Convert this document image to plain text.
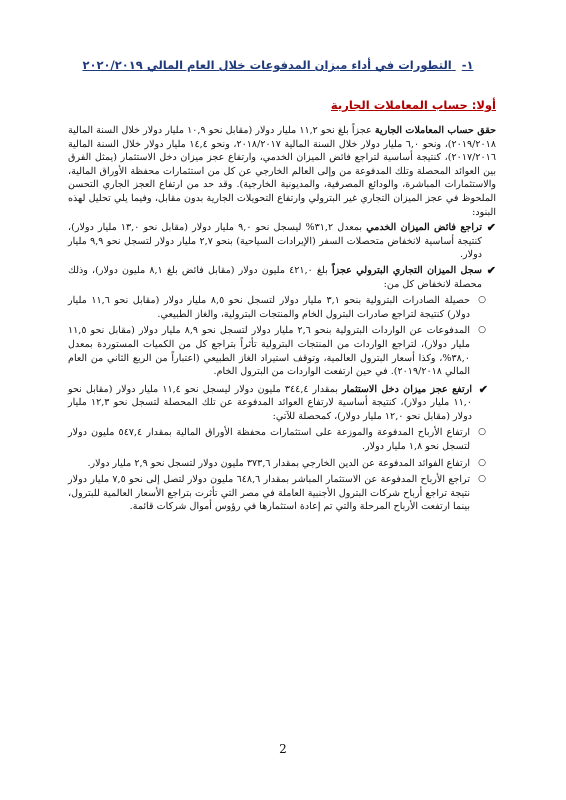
١- التطورات في أداء ميزان المدفوعات خلال العام المالي ٢٠٢٠/٢٠١٩
أولا: حساب المعاملات الجارية

حقق حساب المعاملات الجارية عجزاً بلغ نحو ١١,٢ مليار دولار (مقابل نحو ١٠,٩ مليار دولار خلال السنة المالية ٢٠١٩/٢٠١٨)، ونحو ٦,٠ مليار دولار خلال السنة المالية ٢٠١٨/٢٠١٧، ونحو ١٤,٤ مليار دولار خلال السنة المالية ٢٠١٧/٢٠١٦)، كنتيجة أساسية لتراجع فائض الميزان الخدمي، وارتفاع عجز ميزان دخل الاستثمار (يمثل الفرق بين العوائد المحصلة وتلك المدفوعة من وإلى العالم الخارجي عن كل من استثمارات محفظة الأوراق المالية، والاستثمارات المباشرة، والودائع المصرفية، والمديونية الخارجية). وقد حد من ارتفاع العجز الجاري التحسن الملحوظ في عجز الميزان التجاري غير البترولي وارتفاع التحويلات الجارية بدون مقابل، وفيما يلي تحليل لهذه البنود:

✔
تراجع فائض الميزان الخدمي بمعدل ٣١,٢% ليسجل نحو ٩,٠ مليار دولار (مقابل نحو ١٣,٠ مليار دولار)، كنتيجة أساسية لانخفاض متحصلات السفر (الإيرادات السياحية) بنحو ٢,٧ مليار دولار لتسجل نحو ٩,٩ مليار دولار.

✔
سجل الميزان التجاري البترولي عجزاً بلغ ٤٢١,٠ مليون دولار (مقابل فائض بلغ ٨,١ مليون دولار)، وذلك محصلة لانخفاض كل من:

○
حصيلة الصادرات البترولية بنحو ٣,١ مليار دولار لتسجل نحو ٨,٥ مليار دولار (مقابل نحو ١١,٦ مليار دولار) كنتيجة لتراجع صادرات البترول الخام والمنتجات البترولية، والغاز الطبيعي.

○
المدفوعات عن الواردات البترولية بنحو ٢,٦ مليار دولار لتسجل نحو ٨,٩ مليار دولار (مقابل نحو ١١,٥ مليار دولار)، لتراجع الواردات من المنتجات البترولية تأثراً بتراجع كل من الكميات المستوردة بمعدل ٣٨,٠%، وكذا أسعار البترول العالمية، وتوقف استيراد الغاز الطبيعي (اعتباراً من الربع الثاني من العام المالي ٢٠١٩/٢٠١٨). في حين ارتفعت الواردات من البترول الخام.

✔
ارتفع عجز ميزان دخل الاستثمار بمقدار ٣٤٤,٤ مليون دولار ليسجل نحو ١١,٤ مليار دولار (مقابل نحو ١١,٠ مليار دولار)، كنتيجة أساسية لارتفاع العوائد المدفوعة عن تلك المحصلة لتسجل نحو ١٢,٣ مليار دولار (مقابل نحو ١٢,٠ مليار دولار)، كمحصلة للآتي:

○
ارتفاع الأرباح المدفوعة والموزعة على استثمارات محفظة الأوراق المالية بمقدار ٥٤٧,٤ مليون دولار لتسجل نحو ١,٨ مليار دولار.

○
ارتفاع الفوائد المدفوعة عن الدين الخارجي بمقدار ٣٧٣,٦ مليون دولار لتسجل نحو ٢,٩ مليار دولار.

○
تراجع الأرباح المدفوعة عن الاستثمار المباشر بمقدار ٦٤٨,٦ مليون دولار لتصل إلى نحو ٧,٥ مليار دولار نتيجة تراجع أرباح شركات البترول الأجنبية العاملة في مصر التي تأثرت بتراجع الأسعار العالمية للبترول، بينما ارتفعت الأرباح المرحلة والتي تم إعادة استثمارها في رؤوس أموال شركات قائمة.

2
